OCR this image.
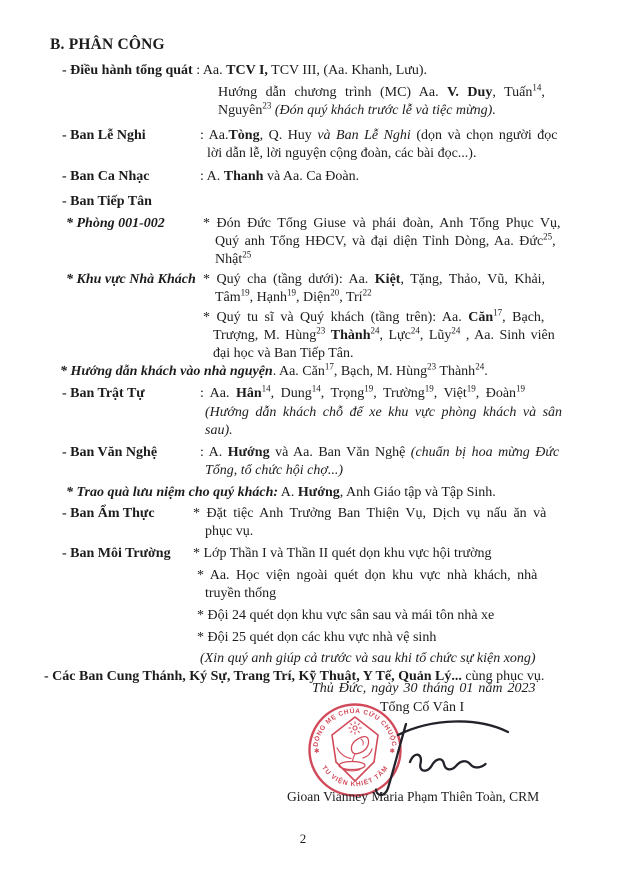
B. PHÂN CÔNG
- Điều hành tổng quát : Aa. TCV I, TCV III, (Aa. Khanh, Lưu).
Hướng dẫn chương trình (MC) Aa. V. Duy, Tuấn$^{14}$,
Nguyên$^{23}$ (Đón quý khách trước lễ và tiệc mừng).
- Ban Lễ Nghi	: Aa.Tòng, Q. Huy và Ban Lễ Nghi (dọn và chọn người đọc
lời dẫn lễ, lời nguyện cộng đoàn, các bài đọc...).
- Ban Ca Nhạc	: A. Thanh và Aa. Ca Đoàn.
- Ban Tiếp Tân
* Phòng 001-002	* Đón Đức Tổng Giuse và phái đoàn, Anh Tổng Phục Vụ,
Quý anh Tổng HĐCV, và đại diện Tỉnh Dòng, Aa. Đức$^{25}$,
Nhật$^{25}$
* Khu vực Nhà Khách * Quý cha (tầng dưới): Aa. Kiệt, Tặng, Thảo, Vũ, Khải,
Tâm$^{19}$, Hạnh$^{19}$, Diện$^{20}$, Trí$^{22}$
* Quý tu sĩ và Quý khách (tầng trên): Aa. Căn$^{17}$, Bạch,
Trượng, M. Hùng$^{23}$ Thành$^{24}$, Lực$^{24}$, Lũy$^{24}$ , Aa. Sinh viên
đại học và Ban Tiếp Tân.
* Hướng dẫn khách vào nhà nguyện. Aa. Căn$^{17}$, Bạch, M. Hùng$^{23}$ Thành$^{24}$.
- Ban Trật Tự	: Aa. Hân$^{14}$, Dung$^{14}$, Trọng$^{19}$, Trường$^{19}$, Việt$^{19}$, Đoàn$^{19}$
(Hướng dẫn khách chỗ để xe khu vực phòng khách và sân
sau).
- Ban Văn Nghệ	: A. Hướng và Aa. Ban Văn Nghệ (chuẩn bị hoa mừng Đức
Tổng, tổ chức hội chợ...)
* Trao quà lưu niệm cho quý khách: A. Hướng, Anh Giáo tập và Tập Sinh.
- Ban Ẩm Thực	* Đặt tiệc Anh Trưởng Ban Thiện Vụ, Dịch vụ nấu ăn và
phục vụ.
- Ban Môi Trường * Lớp Thần I và Thần II quét dọn khu vực hội trường
* Aa. Học viện ngoài quét dọn khu vực nhà khách, nhà
truyền thống
* Đội 24 quét dọn khu vực sân sau và mái tôn nhà xe
* Đội 25 quét dọn các khu vực nhà vệ sinh
(Xin quý anh giúp cả trước và sau khi tổ chức sự kiện xong)
- Các Ban Cung Thánh, Ký Sự, Trang Trí, Kỹ Thuật, Y Tế, Quản Lý... cùng phục vụ.
Thủ Đức, ngày 30 tháng 01 năm 2023
Tổng Cố Vân I
DÒNG MẸ CHÚA CỨU CHUỘC
TU VIỆN KHIẾT TÂM
✱	✱
Gioan Vianney Maria Phạm Thiên Toàn, CRM
2
